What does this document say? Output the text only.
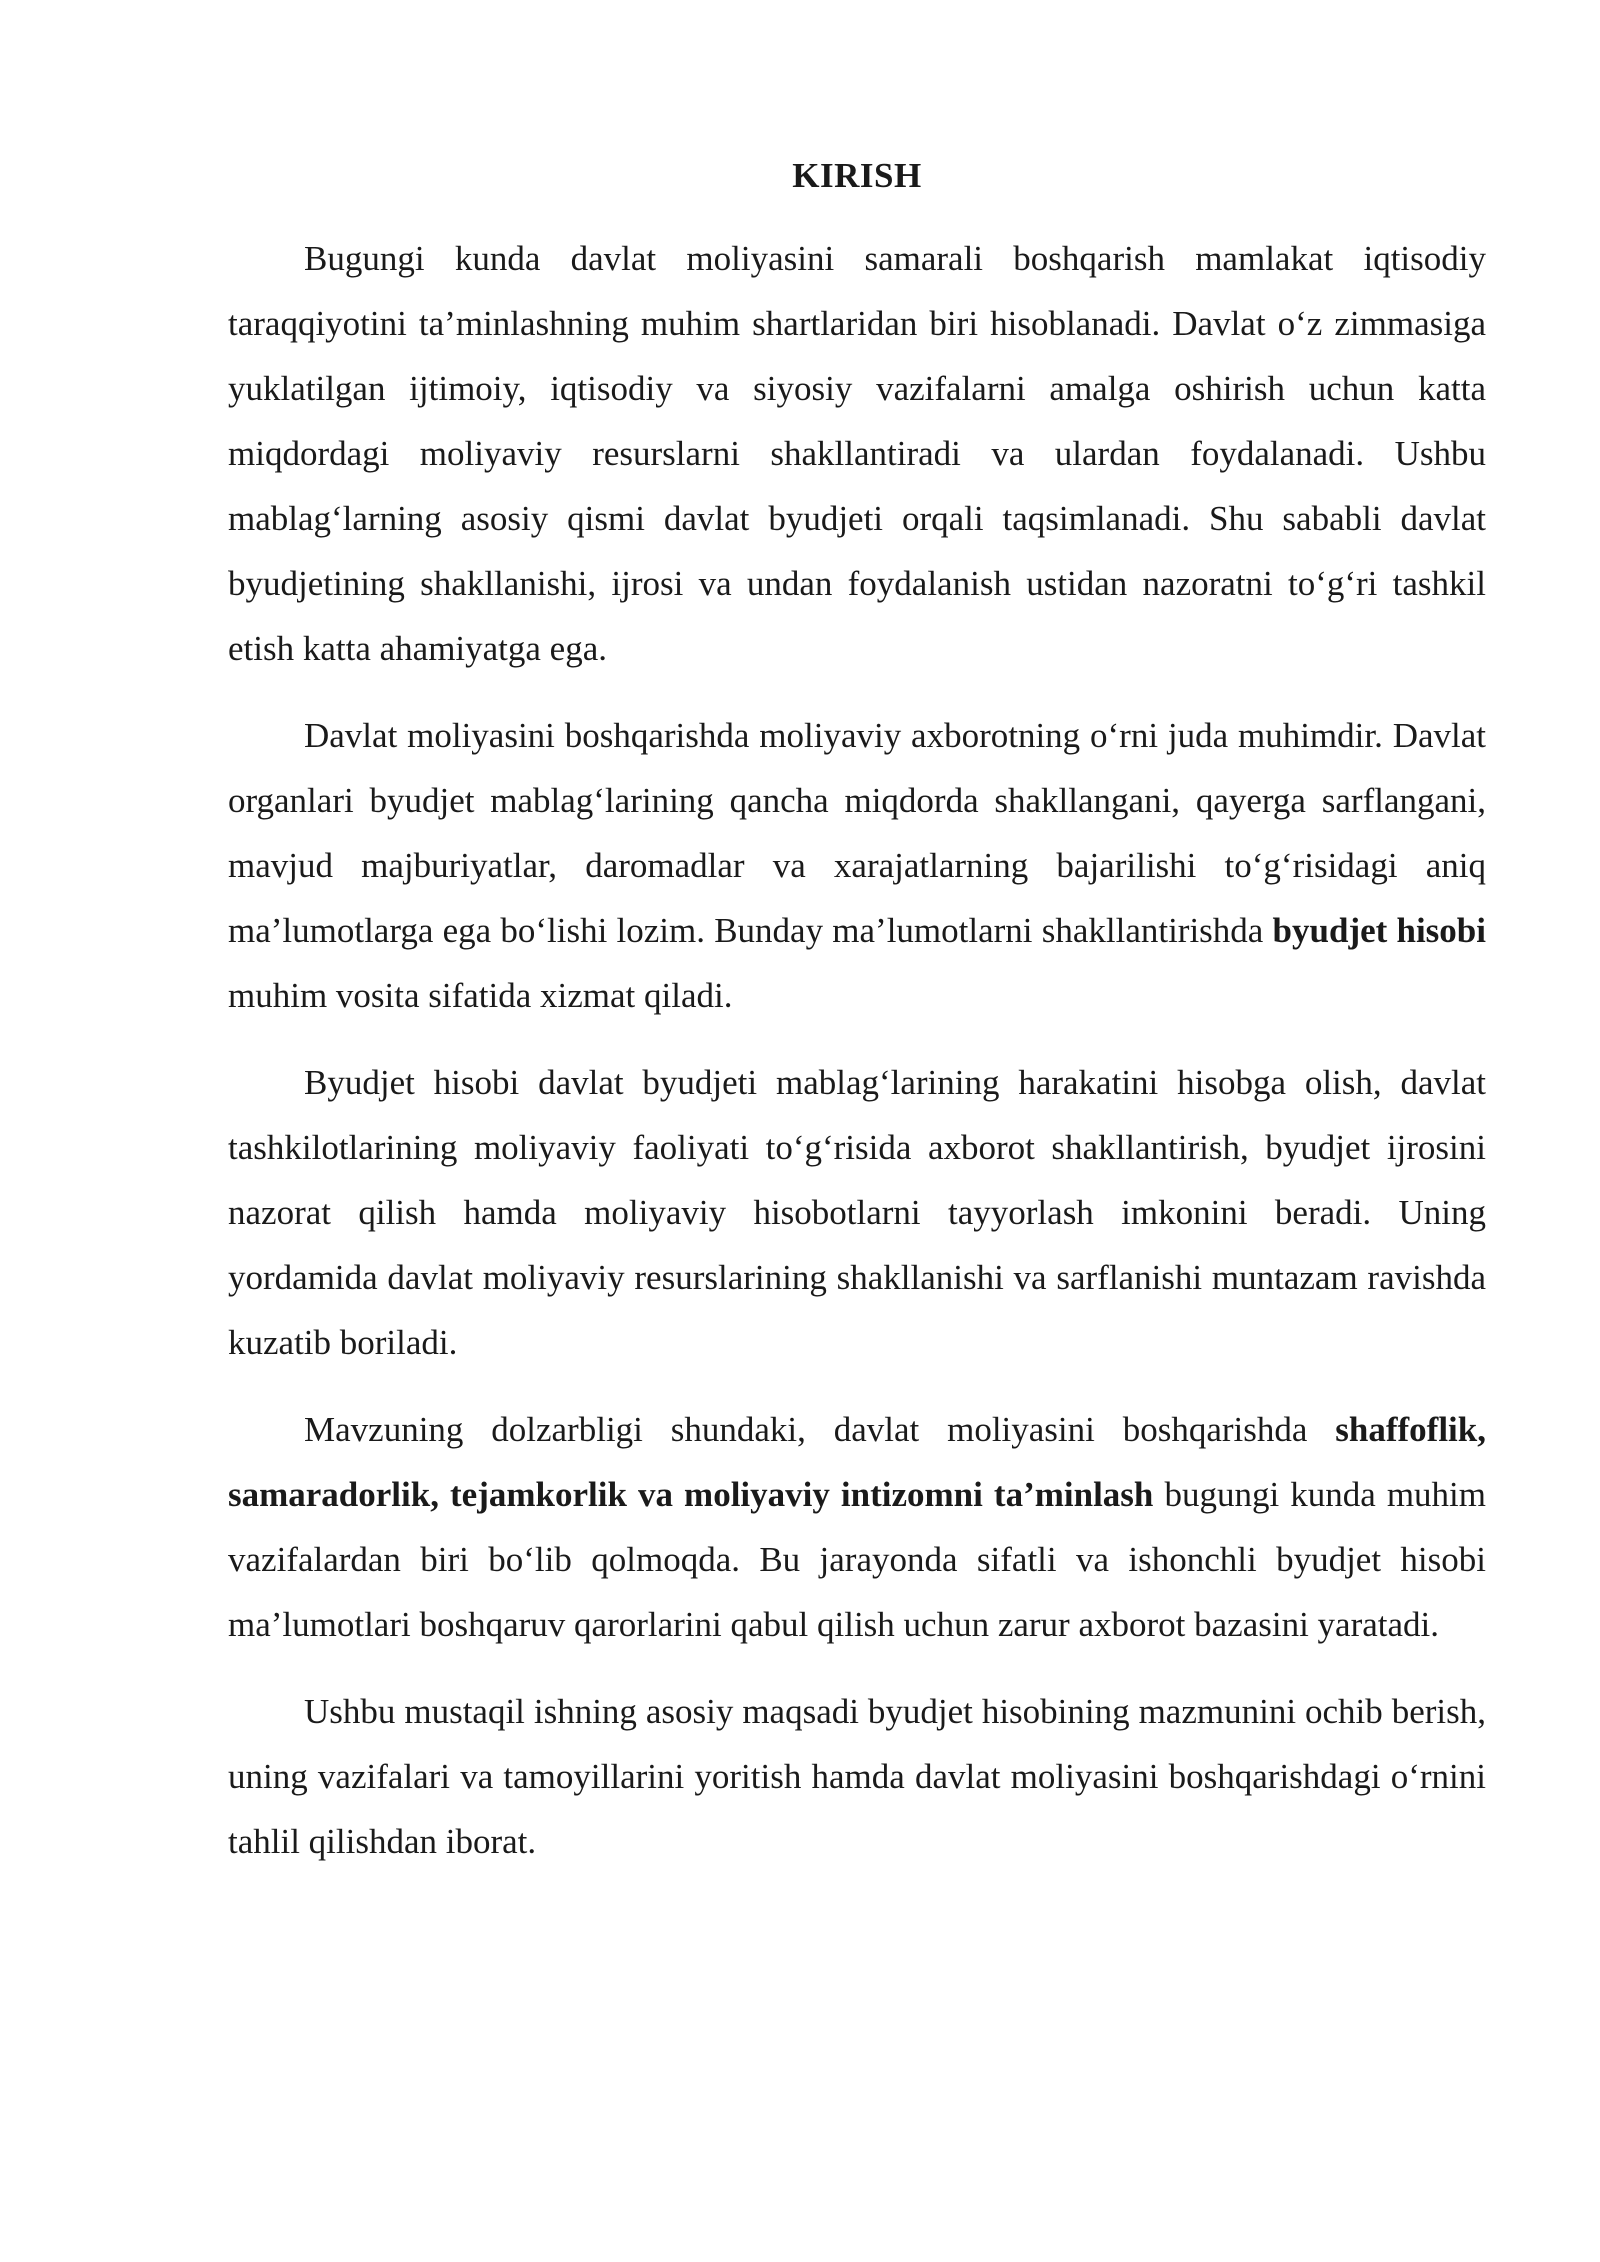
KIRISH

Bugungi kunda davlat moliyasini samarali boshqarish mamlakat iqtisodiy taraqqiyotini ta’minlashning muhim shartlaridan biri hisoblanadi. Davlat o‘z zimmasiga yuklatilgan ijtimoiy, iqtisodiy va siyosiy vazifalarni amalga oshirish uchun katta miqdordagi moliyaviy resurslarni shakllantiradi va ulardan foydalanadi. Ushbu mablag‘larning asosiy qismi davlat byudjeti orqali taqsimlanadi. Shu sababli davlat byudjetining shakllanishi, ijrosi va undan foydalanish ustidan nazoratni to‘g‘ri tashkil etish katta ahamiyatga ega.

Davlat moliyasini boshqarishda moliyaviy axborotning o‘rni juda muhimdir. Davlat organlari byudjet mablag‘larining qancha miqdorda shakllangani, qayerga sarflangani, mavjud majburiyatlar, daromadlar va xarajatlarning bajarilishi to‘g‘risidagi aniq ma’lumotlarga ega bo‘lishi lozim. Bunday ma’lumotlarni shakllantirishda byudjet hisobi muhim vosita sifatida xizmat qiladi.

Byudjet hisobi davlat byudjeti mablag‘larining harakatini hisobga olish, davlat tashkilotlarining moliyaviy faoliyati to‘g‘risida axborot shakllantirish, byudjet ijrosini nazorat qilish hamda moliyaviy hisobotlarni tayyorlash imkonini beradi. Uning yordamida davlat moliyaviy resurslarining shakllanishi va sarflanishi muntazam ravishda kuzatib boriladi.

Mavzuning dolzarbligi shundaki, davlat moliyasini boshqarishda shaffoflik, samaradorlik, tejamkorlik va moliyaviy intizomni ta’minlash bugungi kunda muhim vazifalardan biri bo‘lib qolmoqda. Bu jarayonda sifatli va ishonchli byudjet hisobi ma’lumotlari boshqaruv qarorlarini qabul qilish uchun zarur axborot bazasini yaratadi.

Ushbu mustaqil ishning asosiy maqsadi byudjet hisobining mazmunini ochib berish, uning vazifalari va tamoyillarini yoritish hamda davlat moliyasini boshqarishdagi o‘rnini tahlil qilishdan iborat.
